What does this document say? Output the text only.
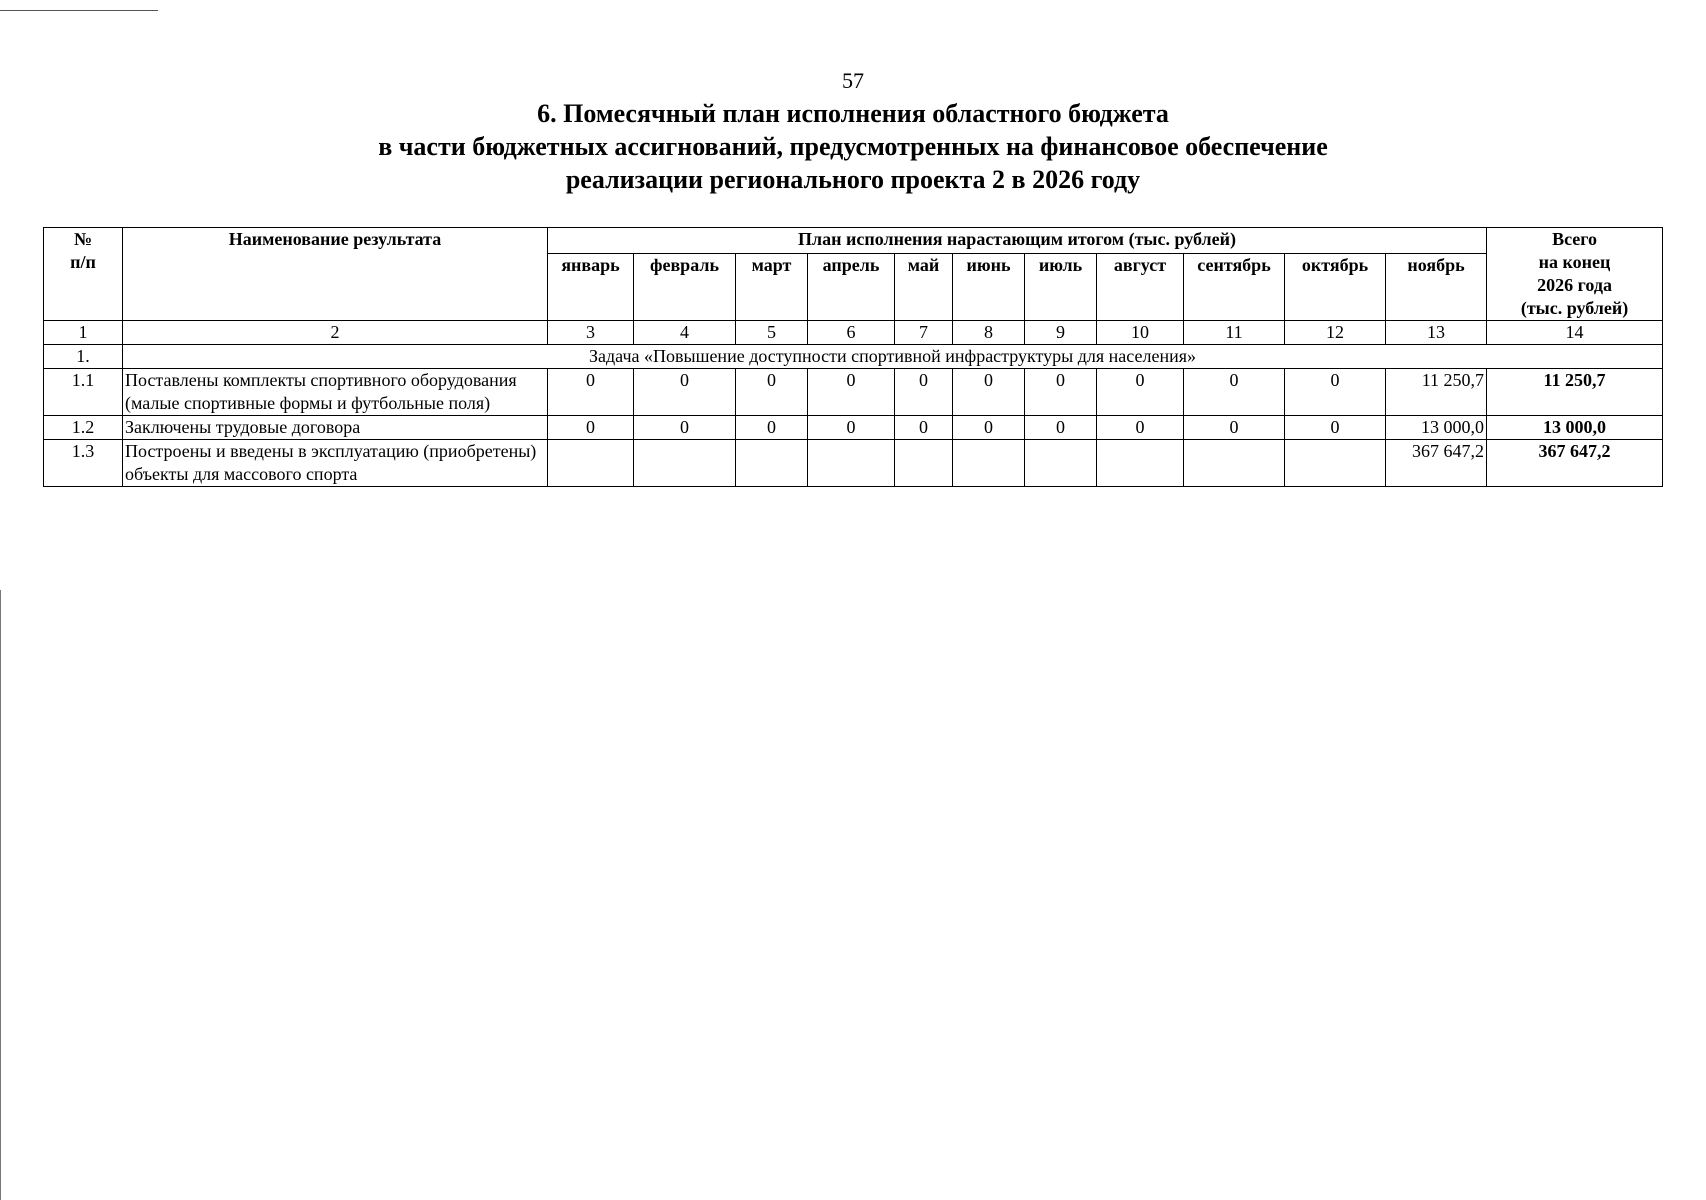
57
6. Помесячный план исполнения областного бюджета
в части бюджетных ассигнований, предусмотренных на финансовое обеспечение
реализации регионального проекта 2 в 2026 году
№
п/п	Наименование результата	План исполнения нарастающим итогом (тыс. рублей)											Всего
на конец
2026 года
(тыс. рублей)
		январь	февраль	март	апрель	май	июнь	июль	август	сентябрь	октябрь	ноябрь	
1	2	3	4	5	6	7	8	9	10	11	12	13	14
1.	Задача «Повышение доступности спортивной инфраструктуры для населения»												
1.1	Поставлены комплекты спортивного оборудования (малые спортивные формы и футбольные поля)	0	0	0	0	0	0	0	0	0	0	11 250,7	11 250,7
1.2	Заключены трудовые договора	0	0	0	0	0	0	0	0	0	0	13 000,0	13 000,0
1.3	Построены и введены в эксплуатацию (приобретены) объекты для массового спорта											367 647,2	367 647,2
